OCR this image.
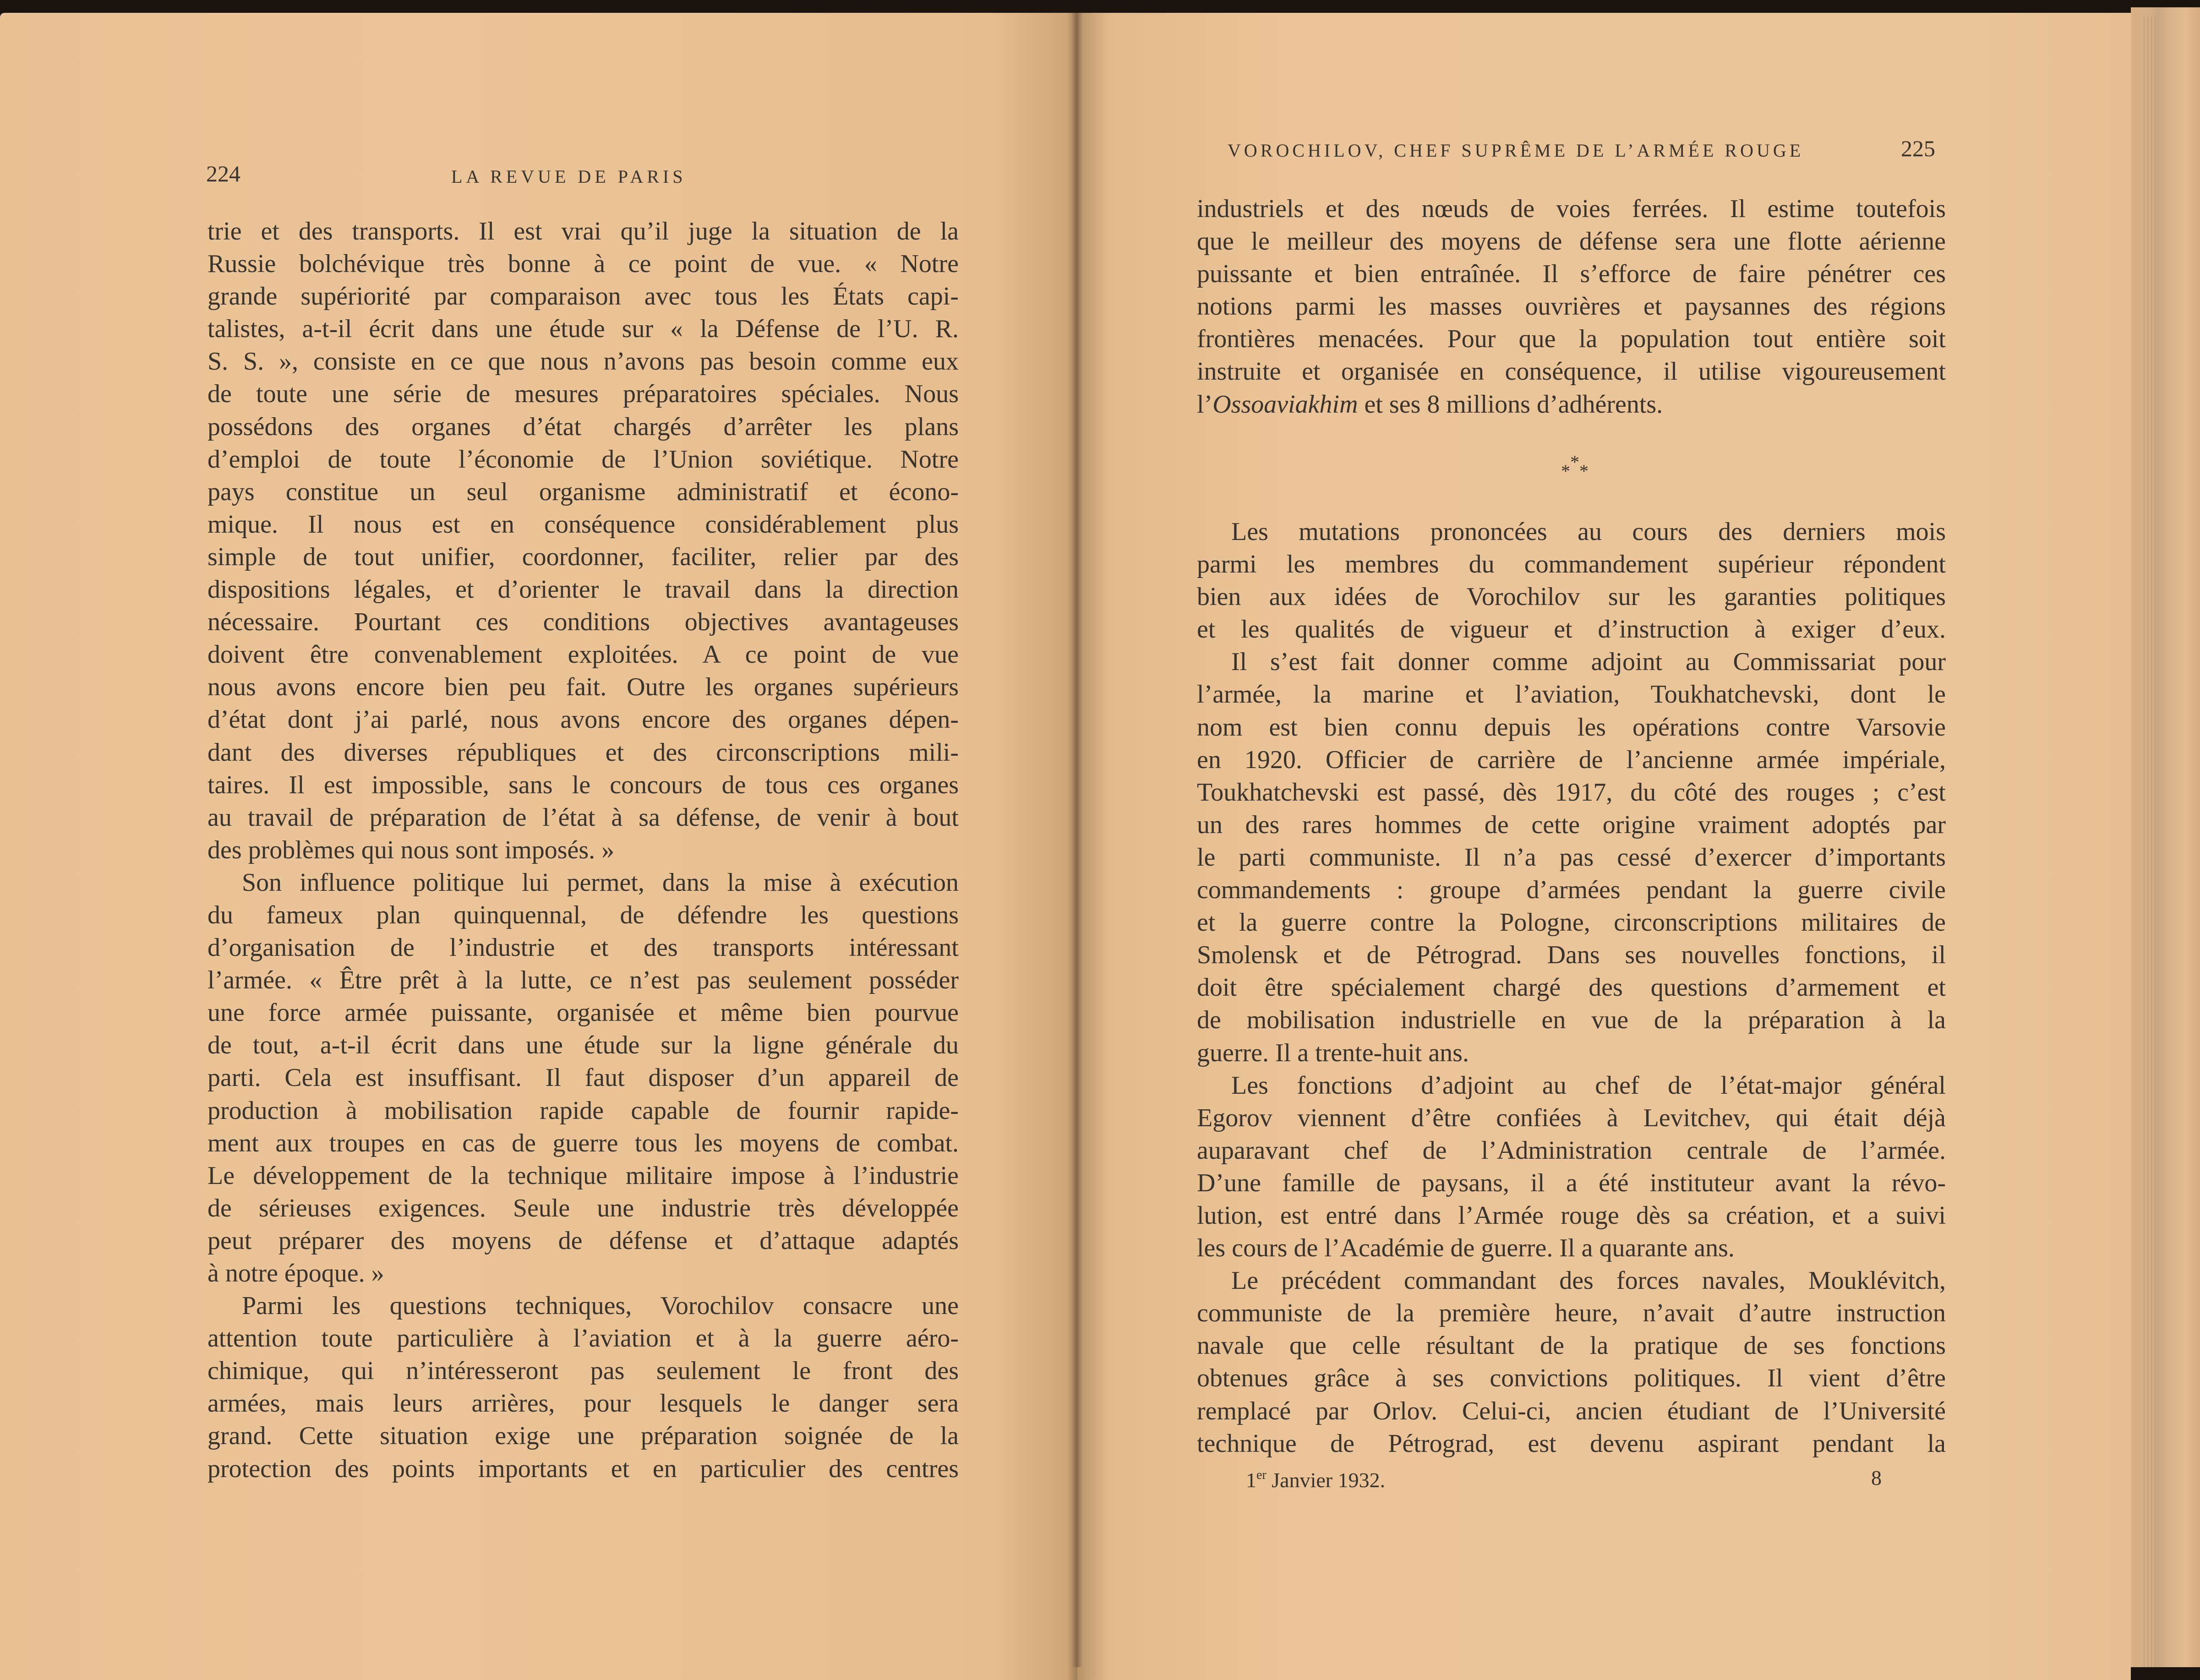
224	LA REVUE DE PARIS
trie et des transports. Il est vrai qu’il juge la situation de la
Russie bolchévique très bonne à ce point de vue. « Notre
grande supériorité par comparaison avec tous les États capi-
talistes, a-t-il écrit dans une étude sur « la Défense de l’U. R.
S. S. », consiste en ce que nous n’avons pas besoin comme eux
de toute une série de mesures préparatoires spéciales. Nous
possédons des organes d’état chargés d’arrêter les plans
d’emploi de toute l’économie de l’Union soviétique. Notre
pays constitue un seul organisme administratif et écono-
mique. Il nous est en conséquence considérablement plus
simple de tout unifier, coordonner, faciliter, relier par des
dispositions légales, et d’orienter le travail dans la direction
nécessaire. Pourtant ces conditions objectives avantageuses
doivent être convenablement exploitées. A ce point de vue
nous avons encore bien peu fait. Outre les organes supérieurs
d’état dont j’ai parlé, nous avons encore des organes dépen-
dant des diverses républiques et des circonscriptions mili-
taires. Il est impossible, sans le concours de tous ces organes
au travail de préparation de l’état à sa défense, de venir à bout
des problèmes qui nous sont imposés. »
Son influence politique lui permet, dans la mise à exécution
du fameux plan quinquennal, de défendre les questions
d’organisation de l’industrie et des transports intéressant
l’armée. « Être prêt à la lutte, ce n’est pas seulement posséder
une force armée puissante, organisée et même bien pourvue
de tout, a-t-il écrit dans une étude sur la ligne générale du
parti. Cela est insuffisant. Il faut disposer d’un appareil de
production à mobilisation rapide capable de fournir rapide-
ment aux troupes en cas de guerre tous les moyens de combat.
Le développement de la technique militaire impose à l’industrie
de sérieuses exigences. Seule une industrie très développée
peut préparer des moyens de défense et d’attaque adaptés
à notre époque. »
Parmi les questions techniques, Vorochilov consacre une
attention toute particulière à l’aviation et à la guerre aéro-
chimique, qui n’intéresseront pas seulement le front des
armées, mais leurs arrières, pour lesquels le danger sera
grand. Cette situation exige une préparation soignée de la
protection des points importants et en particulier des centres
VOROCHILOV, CHEF SUPRÊME DE L’ARMÉE ROUGE	225
industriels et des nœuds de voies ferrées. Il estime toutefois
que le meilleur des moyens de défense sera une flotte aérienne
puissante et bien entraînée. Il s’efforce de faire pénétrer ces
notions parmi les masses ouvrières et paysannes des régions
frontières menacées. Pour que la population tout entière soit
instruite et organisée en conséquence, il utilise vigoureusement
l’Ossoaviakhim et ses 8 millions d’adhérents.
*
* *
Les mutations prononcées au cours des derniers mois
parmi les membres du commandement supérieur répondent
bien aux idées de Vorochilov sur les garanties politiques
et les qualités de vigueur et d’instruction à exiger d’eux.
Il s’est fait donner comme adjoint au Commissariat pour
l’armée, la marine et l’aviation, Toukhatchevski, dont le
nom est bien connu depuis les opérations contre Varsovie
en 1920. Officier de carrière de l’ancienne armée impériale,
Toukhatchevski est passé, dès 1917, du côté des rouges ; c’est
un des rares hommes de cette origine vraiment adoptés par
le parti communiste. Il n’a pas cessé d’exercer d’importants
commandements : groupe d’armées pendant la guerre civile
et la guerre contre la Pologne, circonscriptions militaires de
Smolensk et de Pétrograd. Dans ses nouvelles fonctions, il
doit être spécialement chargé des questions d’armement et
de mobilisation industrielle en vue de la préparation à la
guerre. Il a trente-huit ans.
Les fonctions d’adjoint au chef de l’état-major général
Egorov viennent d’être confiées à Levitchev, qui était déjà
auparavant chef de l’Administration centrale de l’armée.
D’une famille de paysans, il a été instituteur avant la révo-
lution, est entré dans l’Armée rouge dès sa création, et a suivi
les cours de l’Académie de guerre. Il a quarante ans.
Le précédent commandant des forces navales, Mouklévitch,
communiste de la première heure, n’avait d’autre instruction
navale que celle résultant de la pratique de ses fonctions
obtenues grâce à ses convictions politiques. Il vient d’être
remplacé par Orlov. Celui-ci, ancien étudiant de l’Université
technique de Pétrograd, est devenu aspirant pendant la
1er Janvier 1932.	8
